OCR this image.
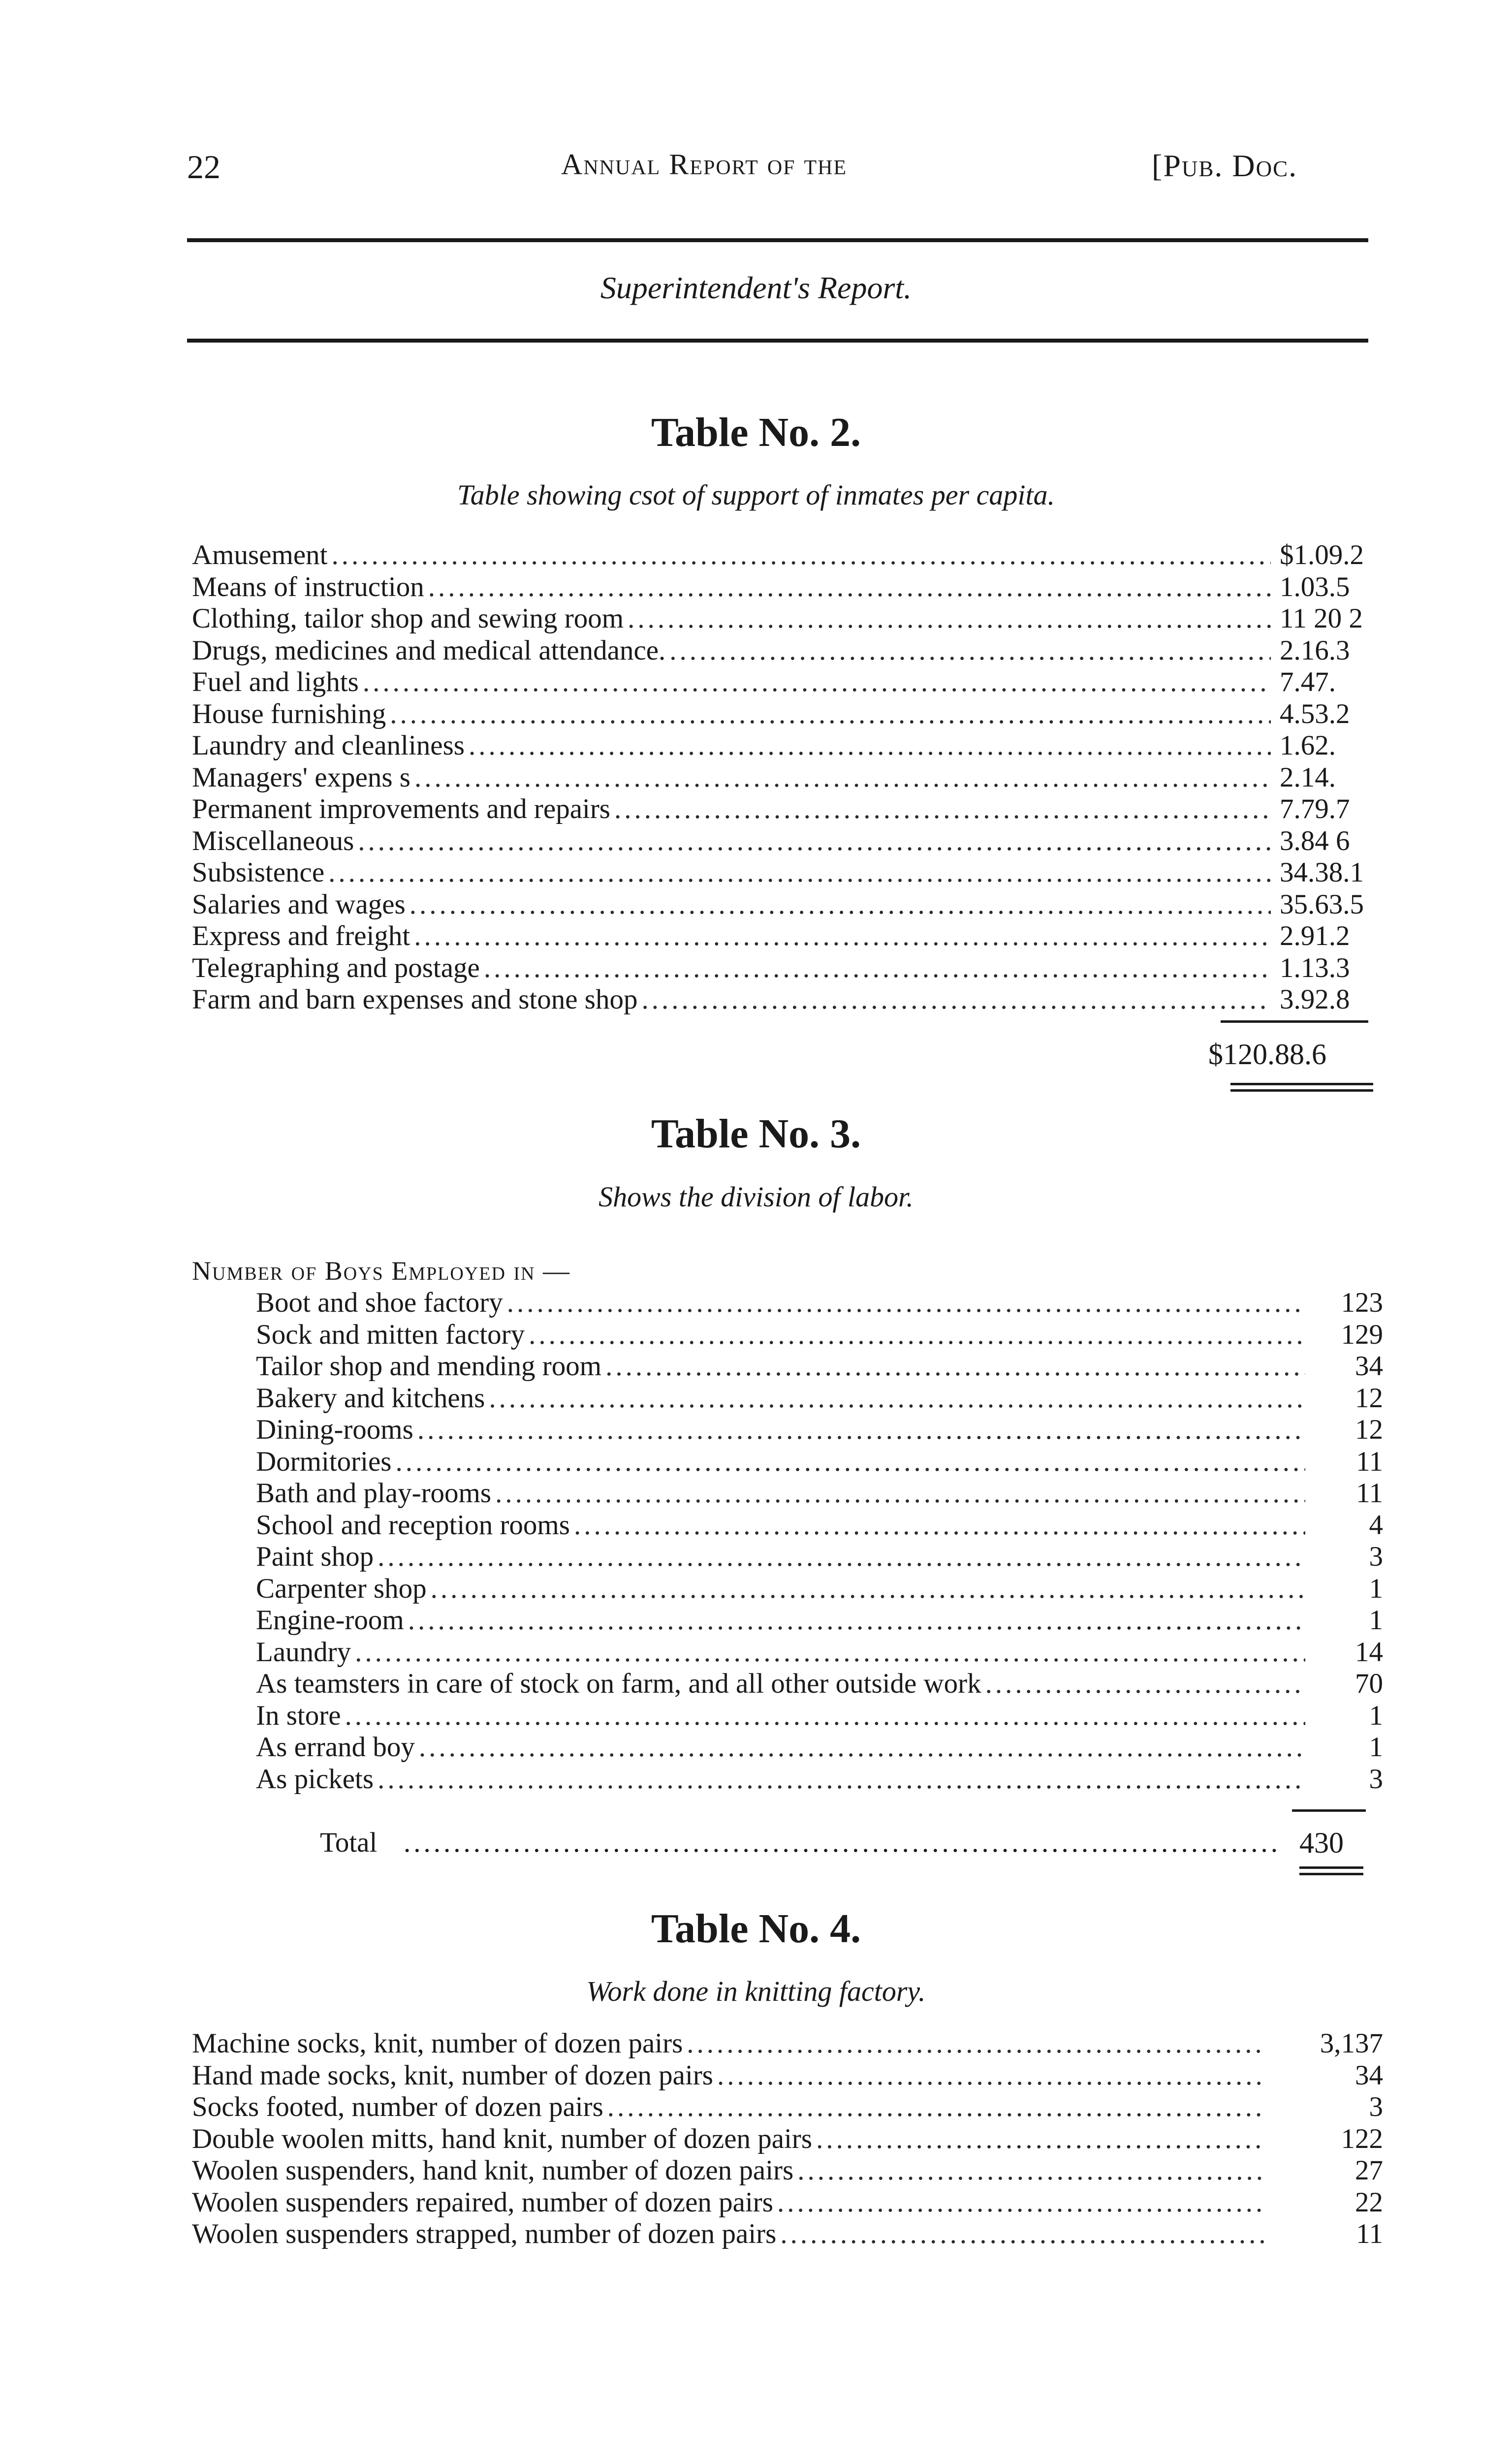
22	Annual Report of the	[Pub. Doc.
Superintendent's Report.
Table No. 2.
Table showing csot of support of inmates per capita.
Amusement .....	$1.09.2
Means of instruction .....	1.03.5
Clothing, tailor shop and sewing room .....	11 20 2
Drugs, medicines and medical attendance. .....	2.16.3
Fuel and lights .....	7.47.
House furnishing .....	4.53.2
Laundry and cleanliness .....	1.62.
Managers' expens s .....	2.14.
Permanent improvements and repairs .....	7.79.7
Miscellaneous .....	3.84 6
Subsistence .....	34.38.1
Salaries and wages .....	35.63.5
Express and freight .....	2.91.2
Telegraphing and postage .....	1.13.3
Farm and barn expenses and stone shop .....	3.92.8
$120.88.6
Table No. 3.
Shows the division of labor.
Number of Boys Employed in —
Boot and shoe factory .....	123
Sock and mitten factory .....	129
Tailor shop and mending room .....	34
Bakery and kitchens .....	12
Dining-rooms .....	12
Dormitories .....	11
Bath and play-rooms .....	11
School and reception rooms .....	4
Paint shop .....	3
Carpenter shop .....	1
Engine-room .....	1
Laundry .....	14
As teamsters in care of stock on farm, and all other outside work .....	70
In store .....	1
As errand boy .....	1
As pickets .....	3
Total .....	430
Table No. 4.
Work done in knitting factory.
Machine socks, knit, number of dozen pairs .....	3,137
Hand made socks, knit, number of dozen pairs .....	34
Socks footed, number of dozen pairs .....	3
Double woolen mitts, hand knit, number of dozen pairs .....	122
Woolen suspenders, hand knit, number of dozen pairs .....	27
Woolen suspenders repaired, number of dozen pairs .....	22
Woolen suspenders strapped, number of dozen pairs .....	11
